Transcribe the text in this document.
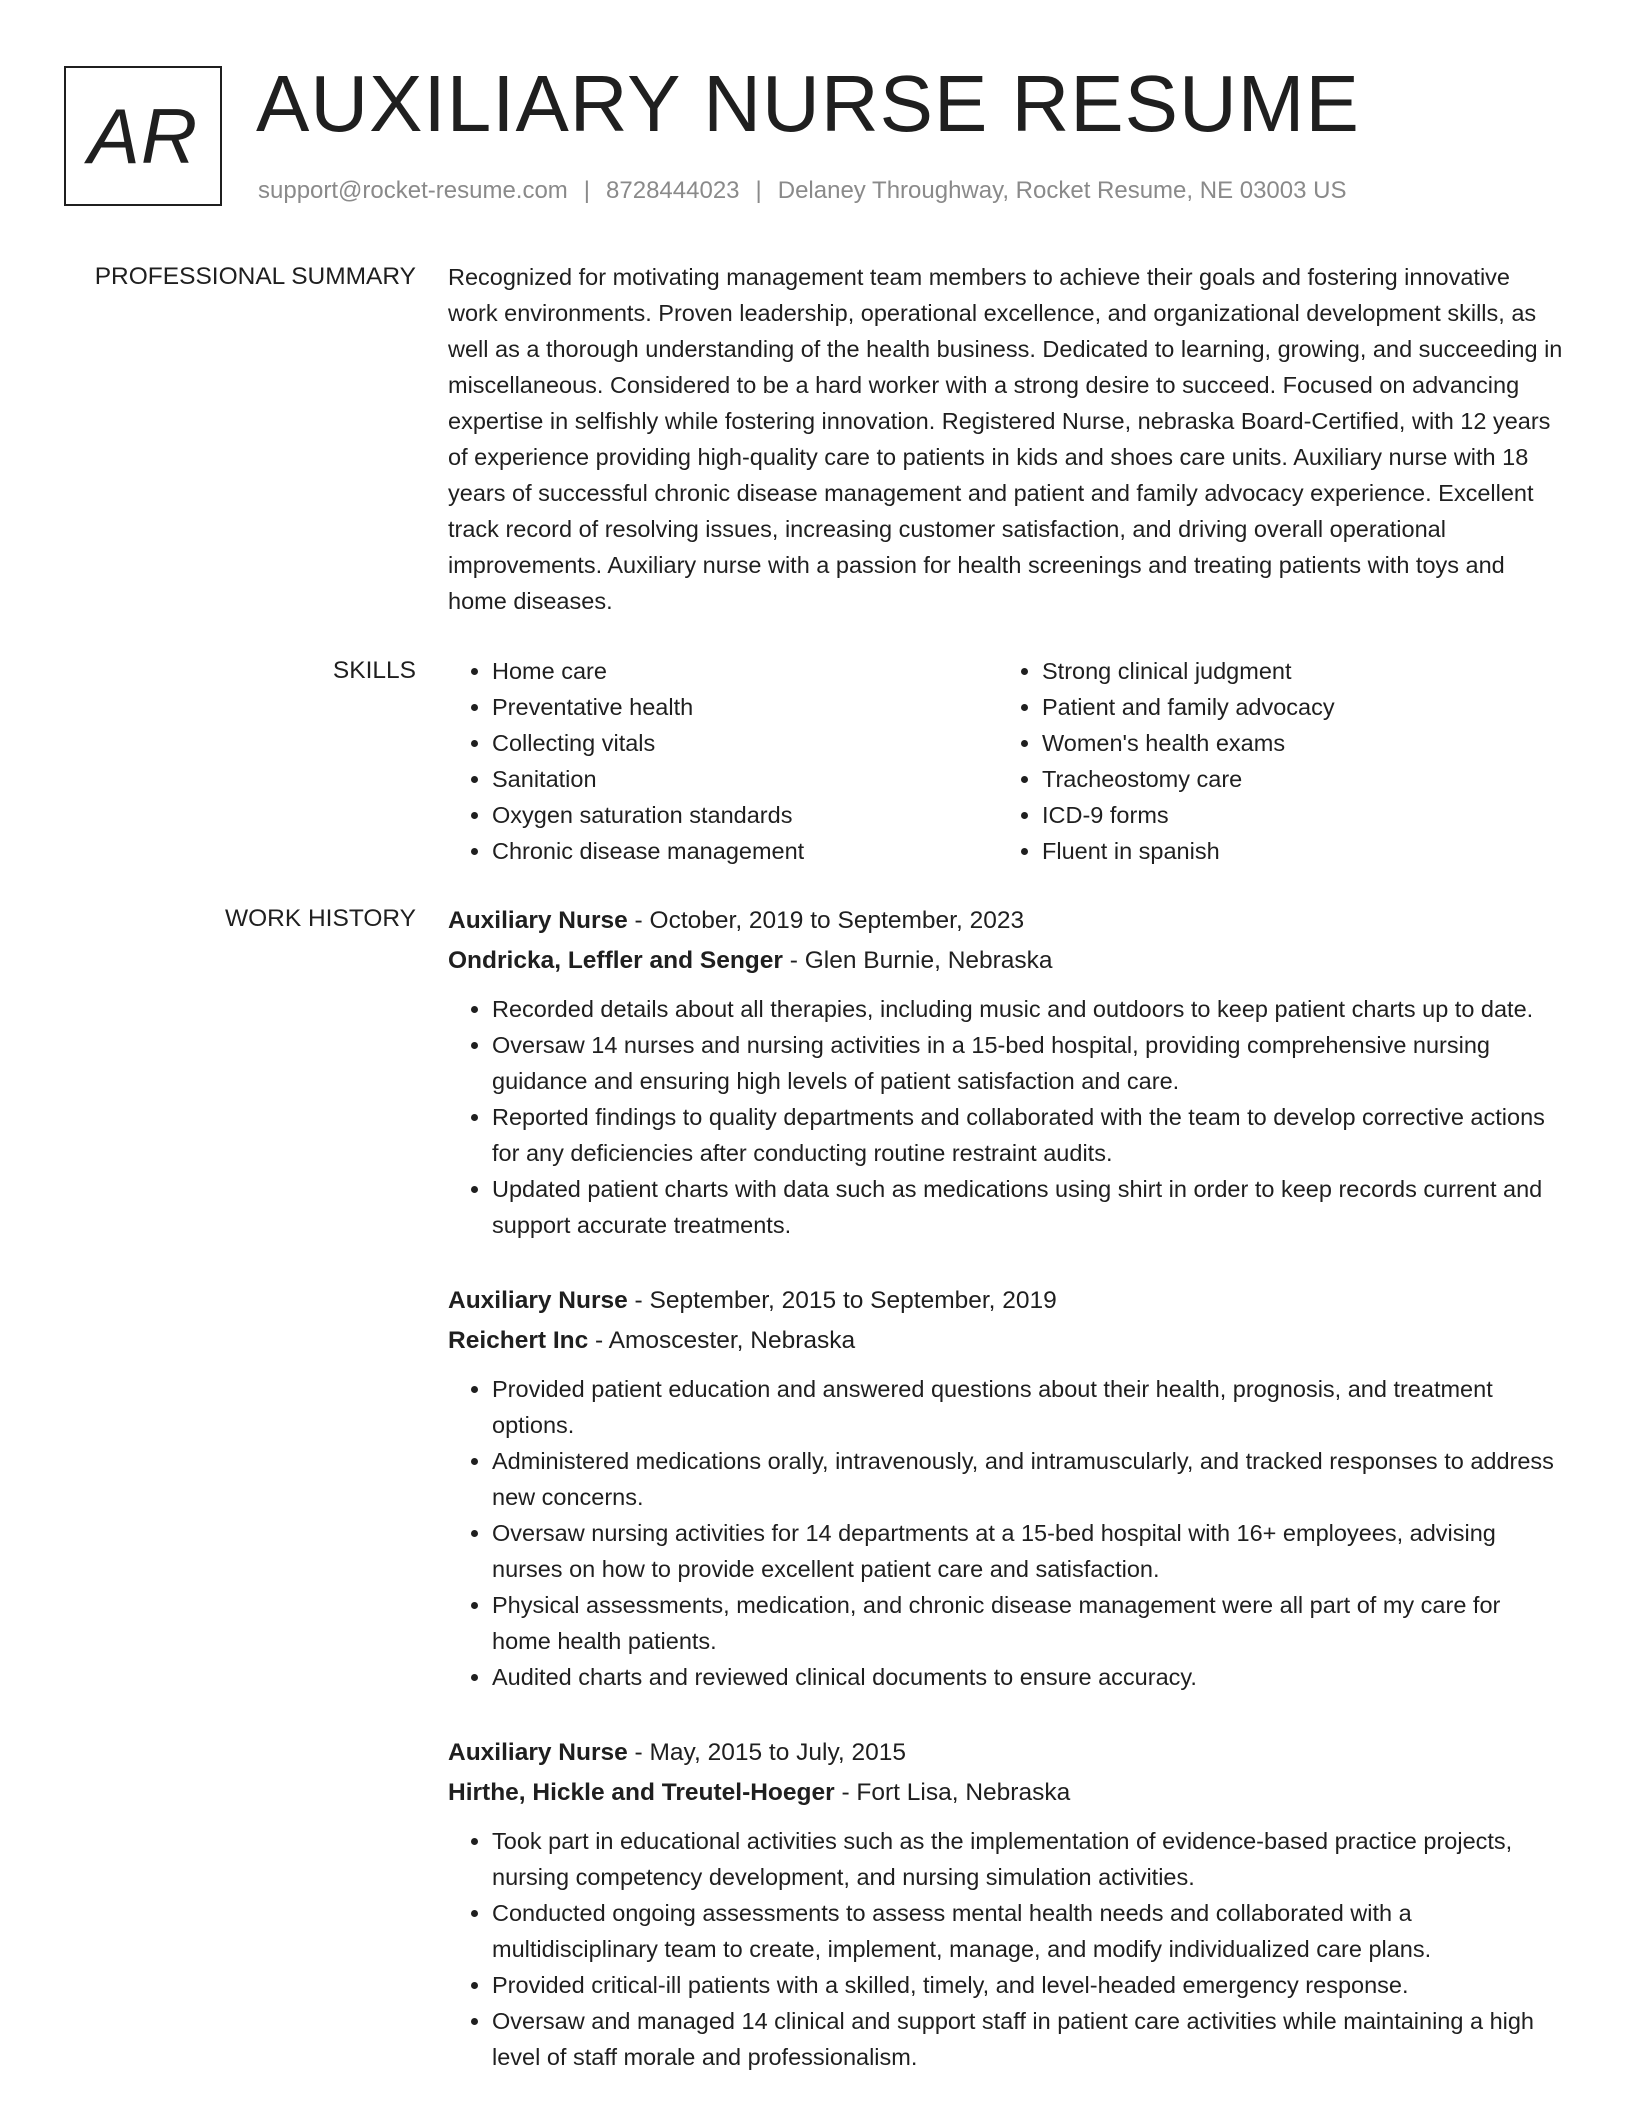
AR AUXILIARY NURSE RESUME
support@rocket-resume.com | 8728444023 | Delaney Throughway, Rocket Resume, NE 03003 US
PROFESSIONAL SUMMARY Recognized for motivating management team members to achieve their goals and fostering innovative work environments. Proven leadership, operational excellence, and organizational development skills, as well as a thorough understanding of the health business. Dedicated to learning, growing, and succeeding in miscellaneous. Considered to be a hard worker with a strong desire to succeed. Focused on advancing expertise in selfishly while fostering innovation. Registered Nurse, nebraska Board-Certified, with 12 years of experience providing high-quality care to patients in kids and shoes care units. Auxiliary nurse with 18 years of successful chronic disease management and patient and family advocacy experience. Excellent track record of resolving issues, increasing customer satisfaction, and driving overall operational improvements. Auxiliary nurse with a passion for health screenings and treating patients with toys and home diseases.

SKILLS
•	Home care
• Preventative health
• Collecting vitals
• Sanitation
• Oxygen saturation standards
• Chronic disease management
• Strong clinical judgment
• Patient and family advocacy
• Women's health exams
• Tracheostomy care
• ICD-9 forms
• Fluent in spanish
WORK HISTORY Auxiliary Nurse - October, 2019 to September, 2023
Ondricka, Leffler and Senger - Glen Burnie, Nebraska
• Recorded details about all therapies, including music and outdoors to keep patient charts up to date.
• Oversaw 14 nurses and nursing activities in a 15-bed hospital, providing comprehensive nursing guidance and ensuring high levels of patient satisfaction and care.
• Reported findings to quality departments and collaborated with the team to develop corrective actions for any deficiencies after conducting routine restraint audits.
• Updated patient charts with data such as medications using shirt in order to keep records current and support accurate treatments.
Auxiliary Nurse - September, 2015 to September, 2019
Reichert Inc - Amoscester, Nebraska
• Provided patient education and answered questions about their health, prognosis, and treatment options.
• Administered medications orally, intravenously, and intramuscularly, and tracked responses to address new concerns.
• Oversaw nursing activities for 14 departments at a 15-bed hospital with 16+ employees, advising nurses on how to provide excellent patient care and satisfaction.
• Physical assessments, medication, and chronic disease management were all part of my care for home health patients.
• Audited charts and reviewed clinical documents to ensure accuracy.
Auxiliary Nurse - May, 2015 to July, 2015
Hirthe, Hickle and Treutel-Hoeger - Fort Lisa, Nebraska
• Took part in educational activities such as the implementation of evidence-based practice projects, nursing competency development, and nursing simulation activities.
• Conducted ongoing assessments to assess mental health needs and collaborated with a multidisciplinary team to create, implement, manage, and modify individualized care plans.
• Provided critical-ill patients with a skilled, timely, and level-headed emergency response.
• Oversaw and managed 14 clinical and support staff in patient care activities while maintaining a high level of staff morale and professionalism.
